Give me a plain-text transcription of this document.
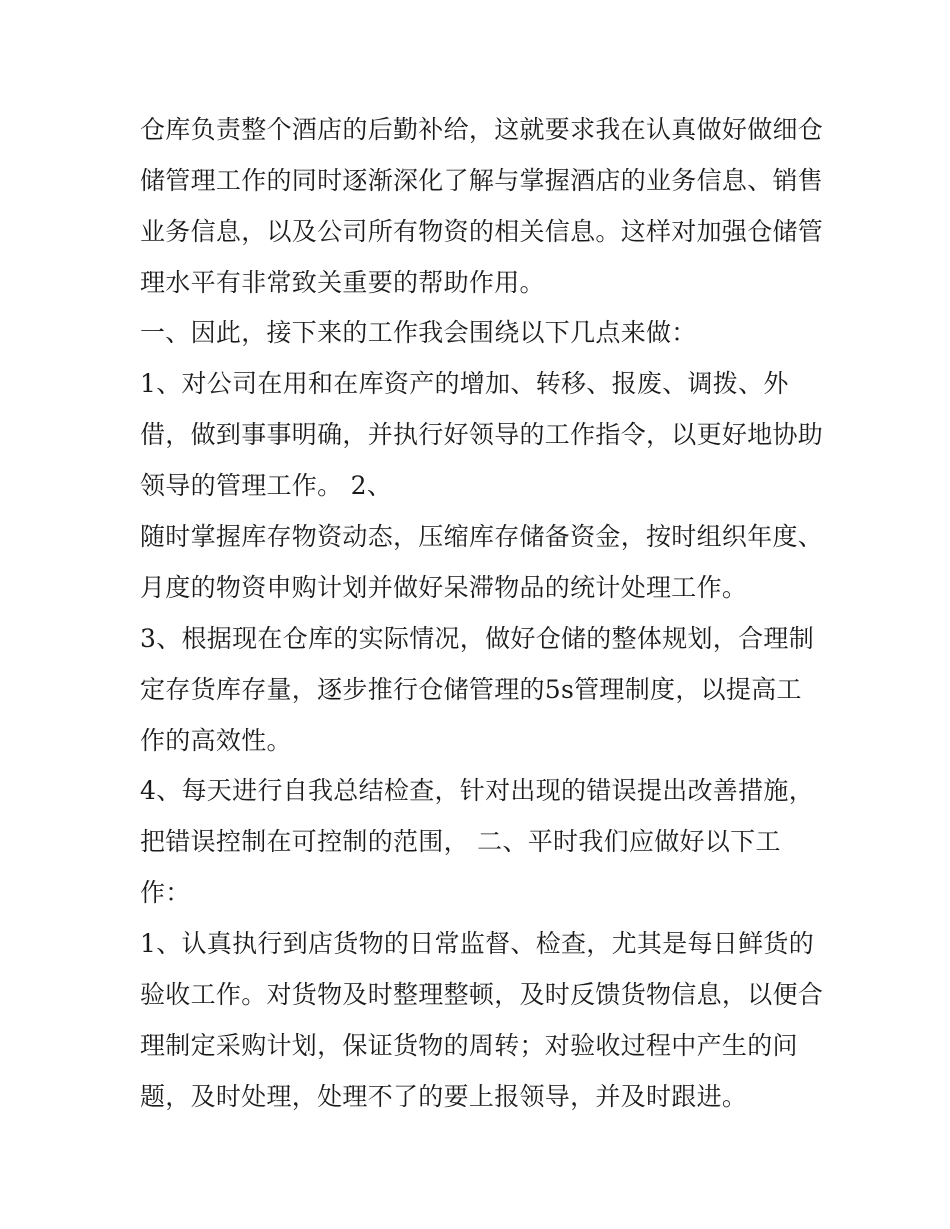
仓库负责整个酒店的后勤补给，这就要求我在认真做好做细仓
储管理工作的同时逐渐深化了解与掌握酒店的业务信息、销售
业务信息，以及公司所有物资的相关信息。这样对加强仓储管
理水平有非常致关重要的帮助作用。
一、因此，接下来的工作我会围绕以下几点来做：
1、对公司在用和在库资产的增加、转移、报废、调拨、外
借，做到事事明确，并执行好领导的工作指令，以更好地协助
领导的管理工作。 2、
随时掌握库存物资动态，压缩库存储备资金，按时组织年度、
月度的物资申购计划并做好呆滞物品的统计处理工作。
3、根据现在仓库的实际情况，做好仓储的整体规划，合理制
定存货库存量，逐步推行仓储管理的5s管理制度，以提高工
作的高效性。
4、每天进行自我总结检查，针对出现的错误提出改善措施，
把错误控制在可控制的范围， 二、平时我们应做好以下工
作：
1、认真执行到店货物的日常监督、检查，尤其是每日鲜货的
验收工作。对货物及时整理整顿，及时反馈货物信息，以便合
理制定采购计划，保证货物的周转；对验收过程中产生的问
题，及时处理，处理不了的要上报领导，并及时跟进。
